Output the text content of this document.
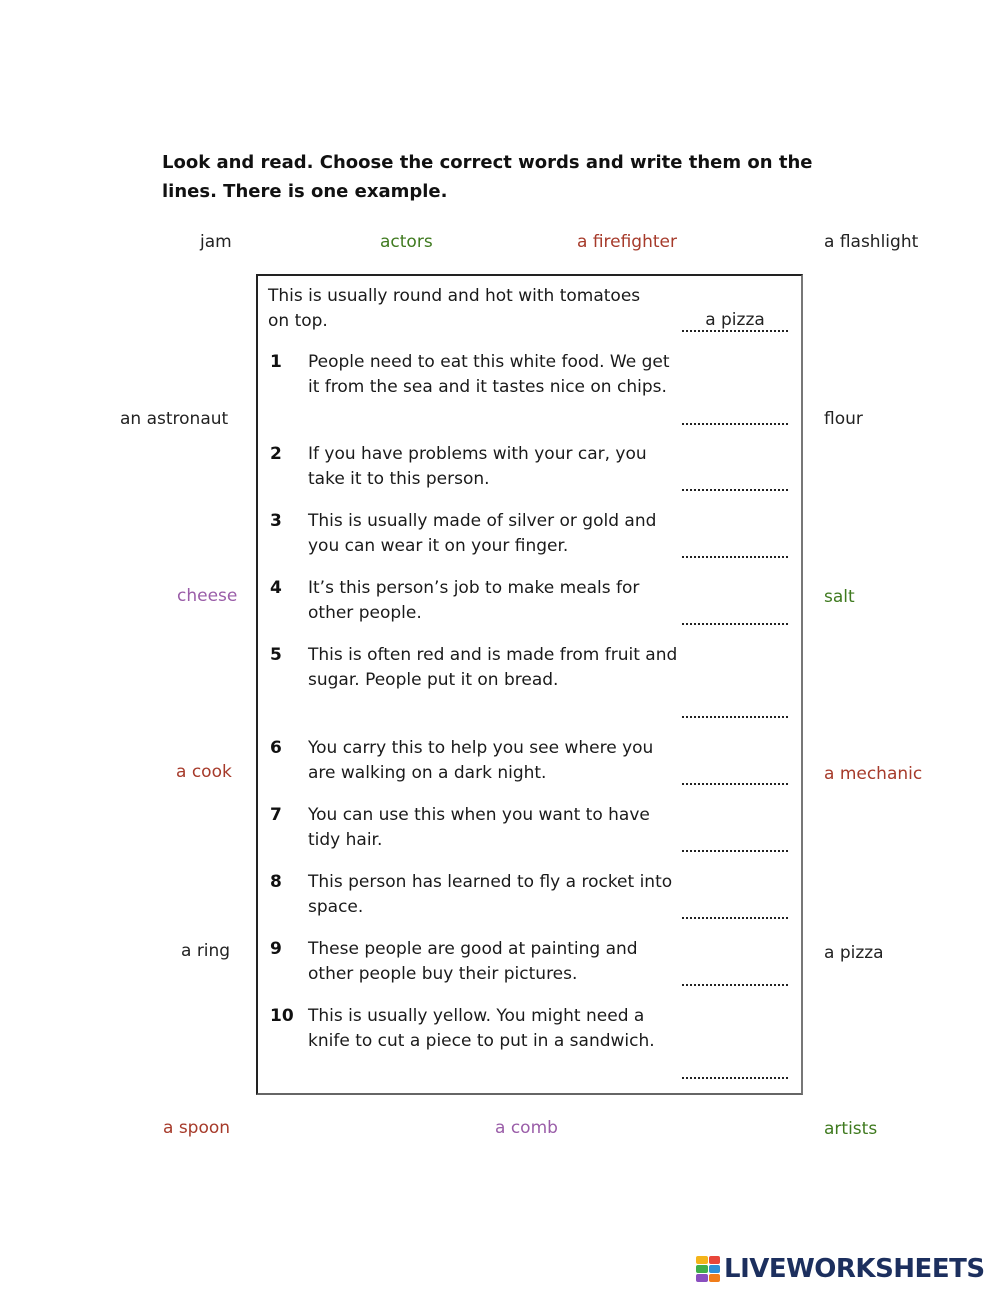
Look and read. Choose the correct words and write them on the lines. There is one example.
jam	actors	a firefighter	a flashlight
an astronaut	flour
cheese	salt
a cook	a mechanic
a ring	a pizza
a spoon	a comb	artists
This is usually round and hot with tomatoes on top.
a pizza
1	People need to eat this white food. We get it from the sea and it tastes nice on chips.
2	If you have problems with your car, you take it to this person.
3	This is usually made of silver or gold and you can wear it on your finger.
4	It’s this person’s job to make meals for other people.
5	This is often red and is made from fruit and sugar. People put it on bread.
6	You carry this to help you see where you are walking on a dark night.
7	You can use this when you want to have tidy hair.
8	This person has learned to fly a rocket into space.
9	These people are good at painting and other people buy their pictures.
10 This is usually yellow. You might need a knife to cut a piece to put in a sandwich.
LIVEWORKSHEETS
